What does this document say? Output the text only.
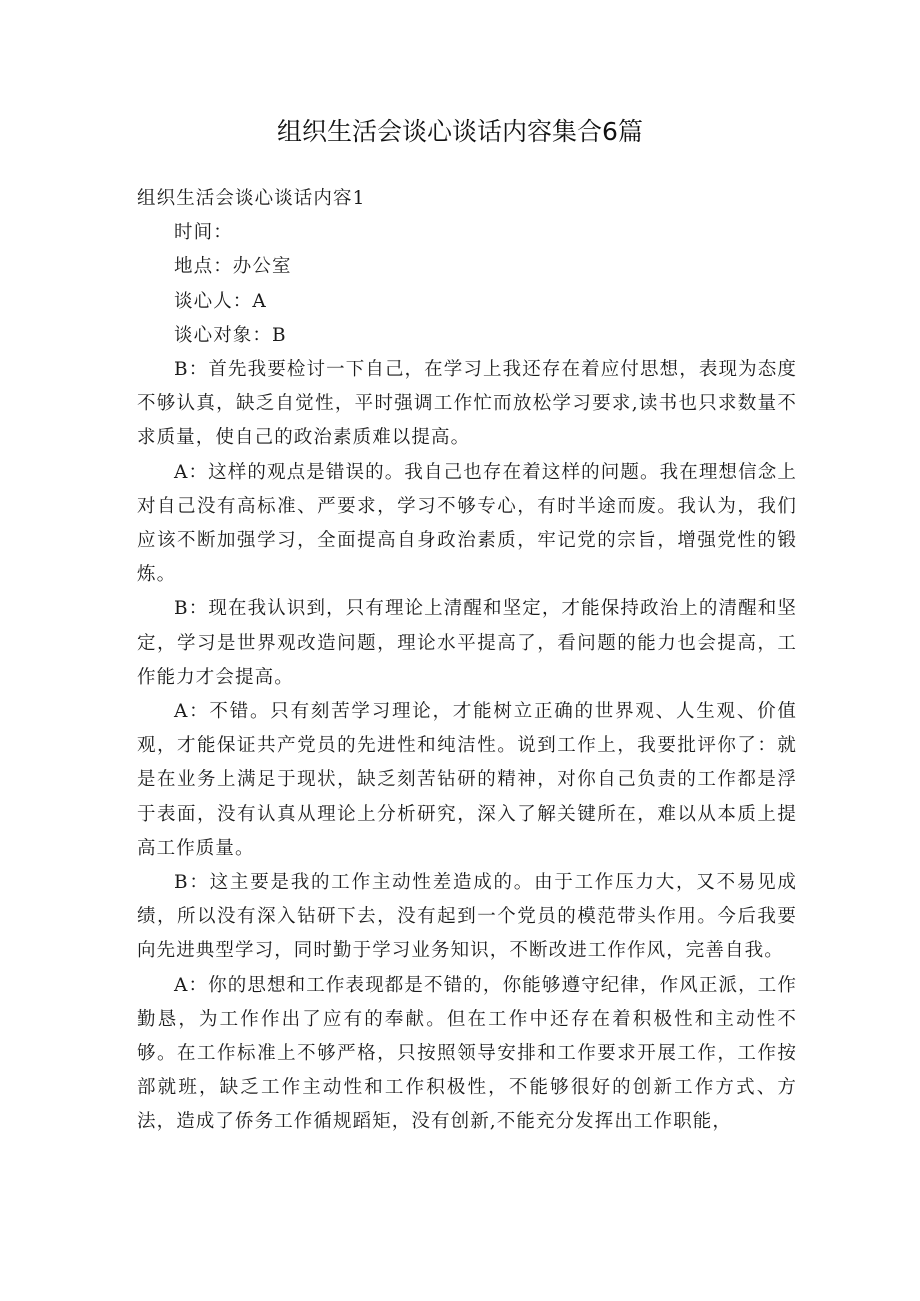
组织生活会谈心谈话内容集合6篇

组织生活会谈心谈话内容1

时间：

地点：办公室

谈心人：A

谈心对象：B

B：首先我要检讨一下自己，在学习上我还存在着应付思想，表现为态度不够认真，缺乏自觉性，平时强调工作忙而放松学习要求,读书也只求数量不求质量，使自己的政治素质难以提高。

A：这样的观点是错误的。我自己也存在着这样的问题。我在理想信念上对自己没有高标准、严要求，学习不够专心，有时半途而废。我认为，我们应该不断加强学习，全面提高自身政治素质，牢记党的宗旨，增强党性的锻炼。

B：现在我认识到，只有理论上清醒和坚定，才能保持政治上的清醒和坚定，学习是世界观改造问题，理论水平提高了，看问题的能力也会提高，工作能力才会提高。

A：不错。只有刻苦学习理论，才能树立正确的世界观、人生观、价值观，才能保证共产党员的先进性和纯洁性。说到工作上，我要批评你了：就是在业务上满足于现状，缺乏刻苦钻研的精神，对你自己负责的工作都是浮于表面，没有认真从理论上分析研究，深入了解关键所在，难以从本质上提高工作质量。

B：这主要是我的工作主动性差造成的。由于工作压力大，又不易见成绩，所以没有深入钻研下去，没有起到一个党员的模范带头作用。今后我要向先进典型学习，同时勤于学习业务知识，不断改进工作作风，完善自我。

A：你的思想和工作表现都是不错的，你能够遵守纪律，作风正派，工作勤恳，为工作作出了应有的奉献。但在工作中还存在着积极性和主动性不够。在工作标准上不够严格，只按照领导安排和工作要求开展工作，工作按部就班，缺乏工作主动性和工作积极性，不能够很好的创新工作方式、方法，造成了侨务工作循规蹈矩，没有创新,不能充分发挥出工作职能，
